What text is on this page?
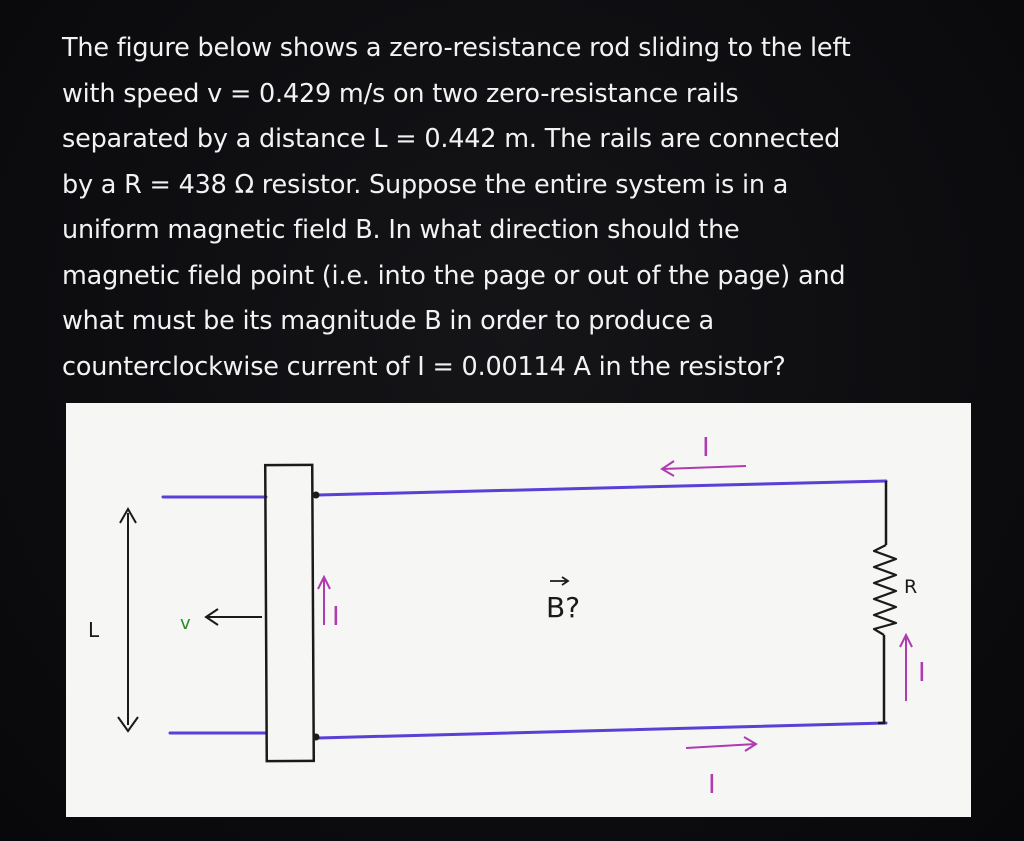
The figure below shows a zero-resistance rod sliding to the left
with speed v = 0.429 m/s on two zero-resistance rails
separated by a distance L = 0.442 m. The rails are connected
by a R = 438 Ω resistor. Suppose the entire system is in a
uniform magnetic field B. In what direction should the
magnetic field point (i.e. into the page or out of the page) and
what must be its magnitude B in order to produce a
counterclockwise current of I = 0.00114 A in the resistor?

L	v
I
I	B?
R
I
I
